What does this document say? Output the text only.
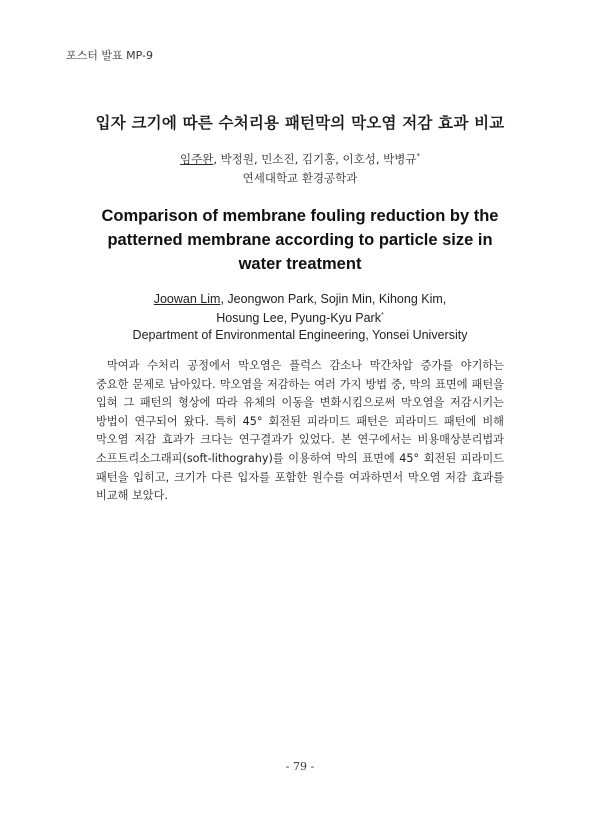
포스터 발표 MP-9
입자 크기에 따른 수처리용 패턴막의 막오염 저감 효과 비교
임주완, 박정원, 민소진, 김기홍, 이호성, 박병규*
연세대학교 환경공학과
Comparison of membrane fouling reduction by the patterned membrane according to particle size in water treatment
Joowan Lim, Jeongwon Park, Sojin Min, Kihong Kim,
Hosung Lee, Pyung-Kyu Park*
Department of Environmental Engineering, Yonsei University
막여과 수처리 공정에서 막오염은 플럭스 감소나 막간차압 증가를 야기하는 중요한 문제로 남아있다. 막오염을 저감하는 여러 가지 방법 중, 막의 표면에 패턴을 입혀 그 패턴의 형상에 따라 유체의 이동을 변화시킴으로써 막오염을 저감시키는 방법이 연구되어 왔다. 특히 45° 회전된 피라미드 패턴은 피라미드 패턴에 비해 막오염 저감 효과가 크다는 연구결과가 있었다. 본 연구에서는 비용매상분리법과 소프트리소그래피(soft-lithograhy)를 이용하여 막의 표면에 45° 회전된 피라미드 패턴을 입히고, 크기가 다른 입자를 포함한 원수를 여과하면서 막오염 저감 효과를 비교해 보았다.
- 79 -
